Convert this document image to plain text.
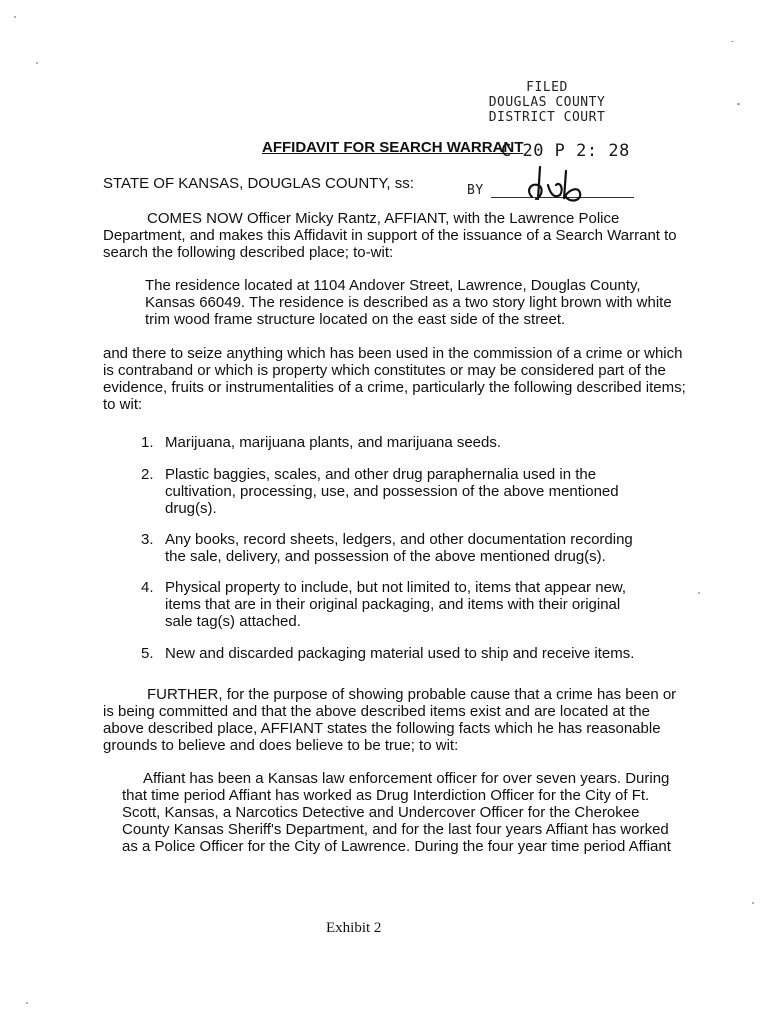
FILED
DOUGLAS COUNTY
DISTRICT COURT
AFFIDAVIT FOR SEARCH WARRANT
C 20 P 2: 28
STATE OF KANSAS, DOUGLAS COUNTY, ss:	BY
COMES NOW Officer Micky Rantz, AFFIANT, with the Lawrence Police
Department, and makes this Affidavit in support of the issuance of a Search Warrant to
search the following described place; to-wit:
The residence located at 1104 Andover Street, Lawrence, Douglas County,
Kansas 66049. The residence is described as a two story light brown with white
trim wood frame structure located on the east side of the street.
and there to seize anything which has been used in the commission of a crime or which
is contraband or which is property which constitutes or may be considered part of the
evidence, fruits or instrumentalities of a crime, particularly the following described items;
to wit:
1. Marijuana, marijuana plants, and marijuana seeds.
2. Plastic baggies, scales, and other drug paraphernalia used in the
cultivation, processing, use, and possession of the above mentioned
drug(s).
3. Any books, record sheets, ledgers, and other documentation recording
the sale, delivery, and possession of the above mentioned drug(s).
4. Physical property to include, but not limited to, items that appear new,
items that are in their original packaging, and items with their original
sale tag(s) attached.
5. New and discarded packaging material used to ship and receive items.
FURTHER, for the purpose of showing probable cause that a crime has been or
is being committed and that the above described items exist and are located at the
above described place, AFFIANT states the following facts which he has reasonable
grounds to believe and does believe to be true; to wit:
Affiant has been a Kansas law enforcement officer for over seven years. During
that time period Affiant has worked as Drug Interdiction Officer for the City of Ft.
Scott, Kansas, a Narcotics Detective and Undercover Officer for the Cherokee
County Kansas Sheriff's Department, and for the last four years Affiant has worked
as a Police Officer for the City of Lawrence. During the four year time period Affiant
Exhibit 2
